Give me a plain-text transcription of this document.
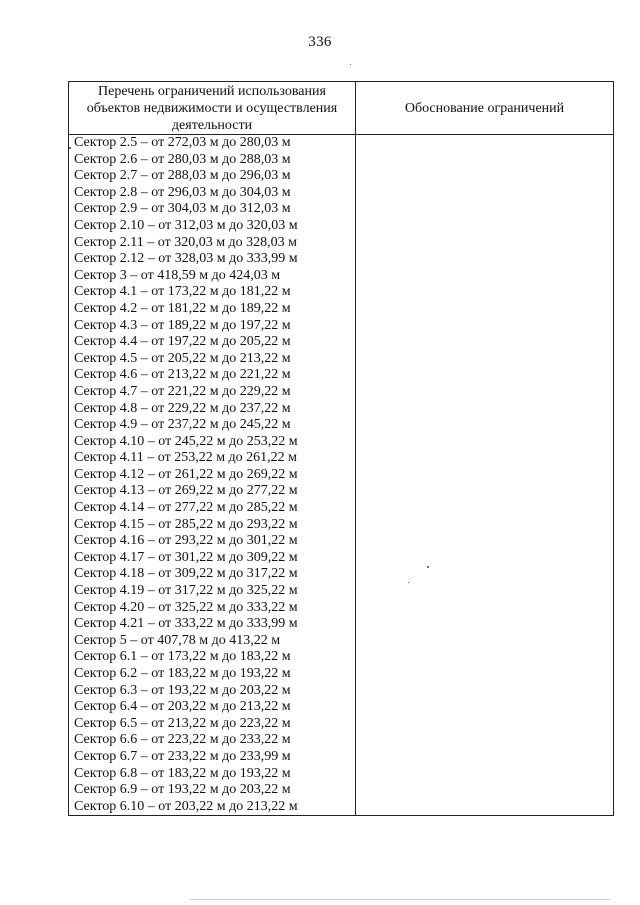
336
Перечень ограничений использования объектов недвижимости и осуществления деятельности	Обоснование ограничений
Сектор 2.5 – от 272,03 м до 280,03 м	
Сектор 2.6 – от 280,03 м до 288,03 м	
Сектор 2.7 – от 288,03 м до 296,03 м	
Сектор 2.8 – от 296,03 м до 304,03 м	
Сектор 2.9 – от 304,03 м до 312,03 м	
Сектор 2.10 – от 312,03 м до 320,03 м	
Сектор 2.11 – от 320,03 м до 328,03 м	
Сектор 2.12 – от 328,03 м до 333,99 м	
Сектор 3 – от 418,59 м до 424,03 м	
Сектор 4.1 – от 173,22 м до 181,22 м	
Сектор 4.2 – от 181,22 м до 189,22 м	
Сектор 4.3 – от 189,22 м до 197,22 м	
Сектор 4.4 – от 197,22 м до 205,22 м	
Сектор 4.5 – от 205,22 м до 213,22 м	
Сектор 4.6 – от 213,22 м до 221,22 м	
Сектор 4.7 – от 221,22 м до 229,22 м	
Сектор 4.8 – от 229,22 м до 237,22 м	
Сектор 4.9 – от 237,22 м до 245,22 м	
Сектор 4.10 – от 245,22 м до 253,22 м	
Сектор 4.11 – от 253,22 м до 261,22 м	
Сектор 4.12 – от 261,22 м до 269,22 м	
Сектор 4.13 – от 269,22 м до 277,22 м	
Сектор 4.14 – от 277,22 м до 285,22 м	
Сектор 4.15 – от 285,22 м до 293,22 м	
Сектор 4.16 – от 293,22 м до 301,22 м	
Сектор 4.17 – от 301,22 м до 309,22 м	
Сектор 4.18 – от 309,22 м до 317,22 м	
Сектор 4.19 – от 317,22 м до 325,22 м	
Сектор 4.20 – от 325,22 м до 333,22 м	
Сектор 4.21 – от 333,22 м до 333,99 м	
Сектор 5 – от 407,78 м до 413,22 м	
Сектор 6.1 – от 173,22 м до 183,22 м	
Сектор 6.2 – от 183,22 м до 193,22 м	
Сектор 6.3 – от 193,22 м до 203,22 м	
Сектор 6.4 – от 203,22 м до 213,22 м	
Сектор 6.5 – от 213,22 м до 223,22 м	
Сектор 6.6 – от 223,22 м до 233,22 м	
Сектор 6.7 – от 233,22 м до 233,99 м	
Сектор 6.8 – от 183,22 м до 193,22 м	
Сектор 6.9 – от 193,22 м до 203,22 м	
Сектор 6.10 – от 203,22 м до 213,22 м	
